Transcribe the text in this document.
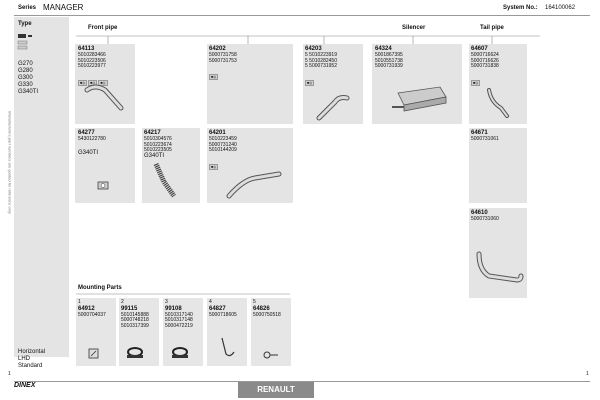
Series MANAGER	System No.: 164100062
Manufacturers part numbers are quoted for reference only
Type
G270
G280
G300
G330
G340TI
Horizontal
LHD
Standard
Front pipe	Silencer	Tail pipe
64113
5010283466
5010223506
5010223977
■◎ ■◎ ■◎
64202
5000731758
5000731753
■◎
64203
5 5010223919
5 5010282450
5 5000731952
■◎
64324
5001867395
5010551738
5000731939
64607
5000716624
5000716626
5000731838
■◎
64277
5430122780
G340TI
64217
5010304576
5010223674
5010223505
G340TI
64201
5010223459
5000731240
5010144209
■◎
64671
5000731061
64610
5000731060
Mounting Parts
1
64912
5000704037
2
99115
5010145888
5000748218
5010317399
3
99108
5010317140
5010317148
5000472219
4
64827
5000718605
5
64826
5000750518
1
DINEX	RENAULT
1
